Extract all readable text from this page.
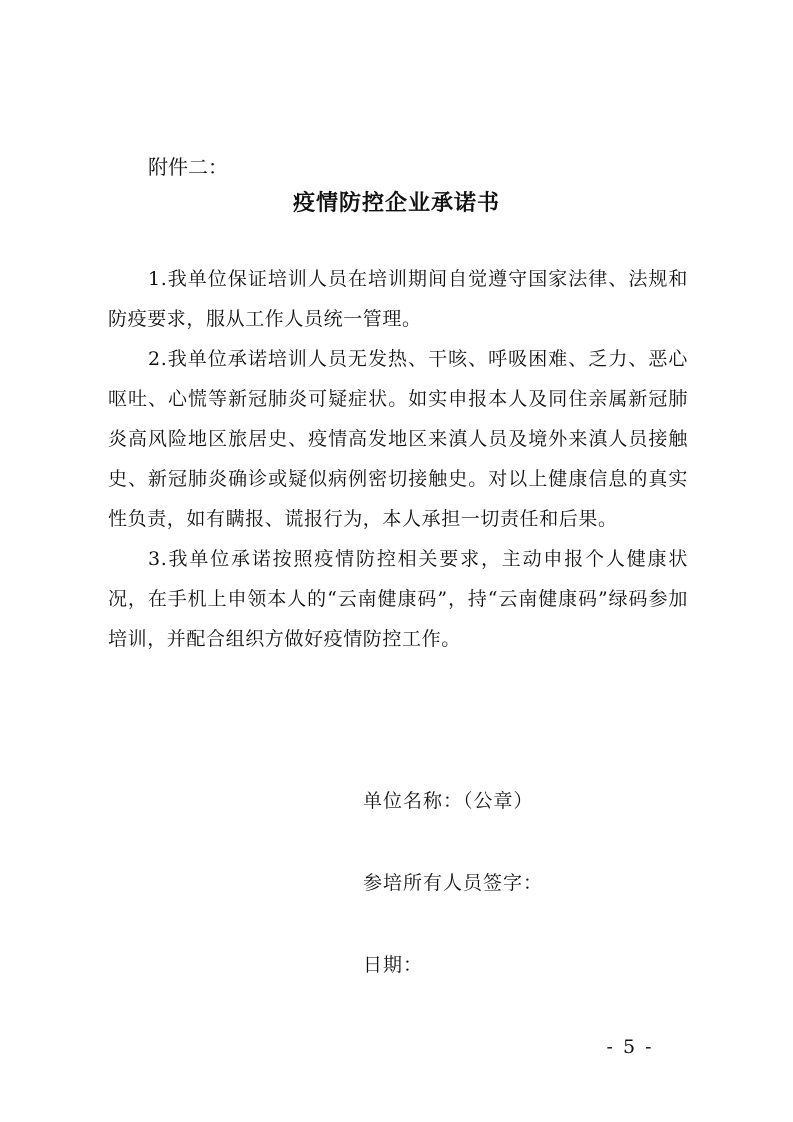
附件二：
疫情防控企业承诺书

1.我单位保证培训人员在培训期间自觉遵守国家法律、法规和防疫要求，服从工作人员统一管理。

2.我单位承诺培训人员无发热、干咳、呼吸困难、乏力、恶心呕吐、心慌等新冠肺炎可疑症状。如实申报本人及同住亲属新冠肺炎高风险地区旅居史、疫情高发地区来滇人员及境外来滇人员接触史、新冠肺炎确诊或疑似病例密切接触史。对以上健康信息的真实性负责，如有瞒报、谎报行为，本人承担一切责任和后果。

3.我单位承诺按照疫情防控相关要求，主动申报个人健康状况，在手机上申领本人的“云南健康码”，持“云南健康码”绿码参加培训，并配合组织方做好疫情防控工作。

单位名称：（公章）

参培所有人员签字：

日期：

- 5 -
